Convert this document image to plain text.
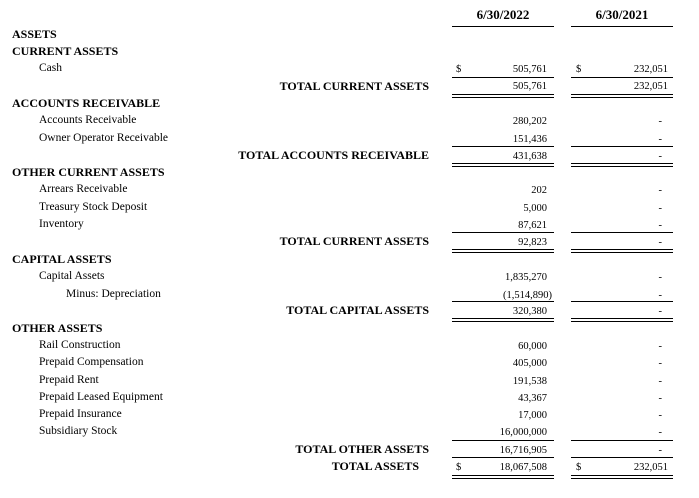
6/30/2022	6/30/2021
ASSETS
CURRENT ASSETS
Cash	$	505,761	$	232,051
TOTAL CURRENT ASSETS	505,761	232,051
ACCOUNTS RECEIVABLE
Accounts Receivable	280,202	-
Owner Operator Receivable	151,436	-
TOTAL ACCOUNTS RECEIVABLE	431,638	-
OTHER CURRENT ASSETS
Arrears Receivable	202	-
Treasury Stock Deposit	5,000	-
Inventory	87,621	-
TOTAL CURRENT ASSETS	92,823	-
CAPITAL ASSETS
Capital Assets	1,835,270	-
Minus: Depreciation	(1,514,890)	-
TOTAL CAPITAL ASSETS	320,380	-
OTHER ASSETS
Rail Construction	60,000	-
Prepaid Compensation	405,000	-
Prepaid Rent	191,538	-
Prepaid Leased Equipment	43,367	-
Prepaid Insurance	17,000	-
Subsidiary Stock	16,000,000	-
TOTAL OTHER ASSETS	16,716,905	-
TOTAL ASSETS	$	18,067,508	$	232,051
